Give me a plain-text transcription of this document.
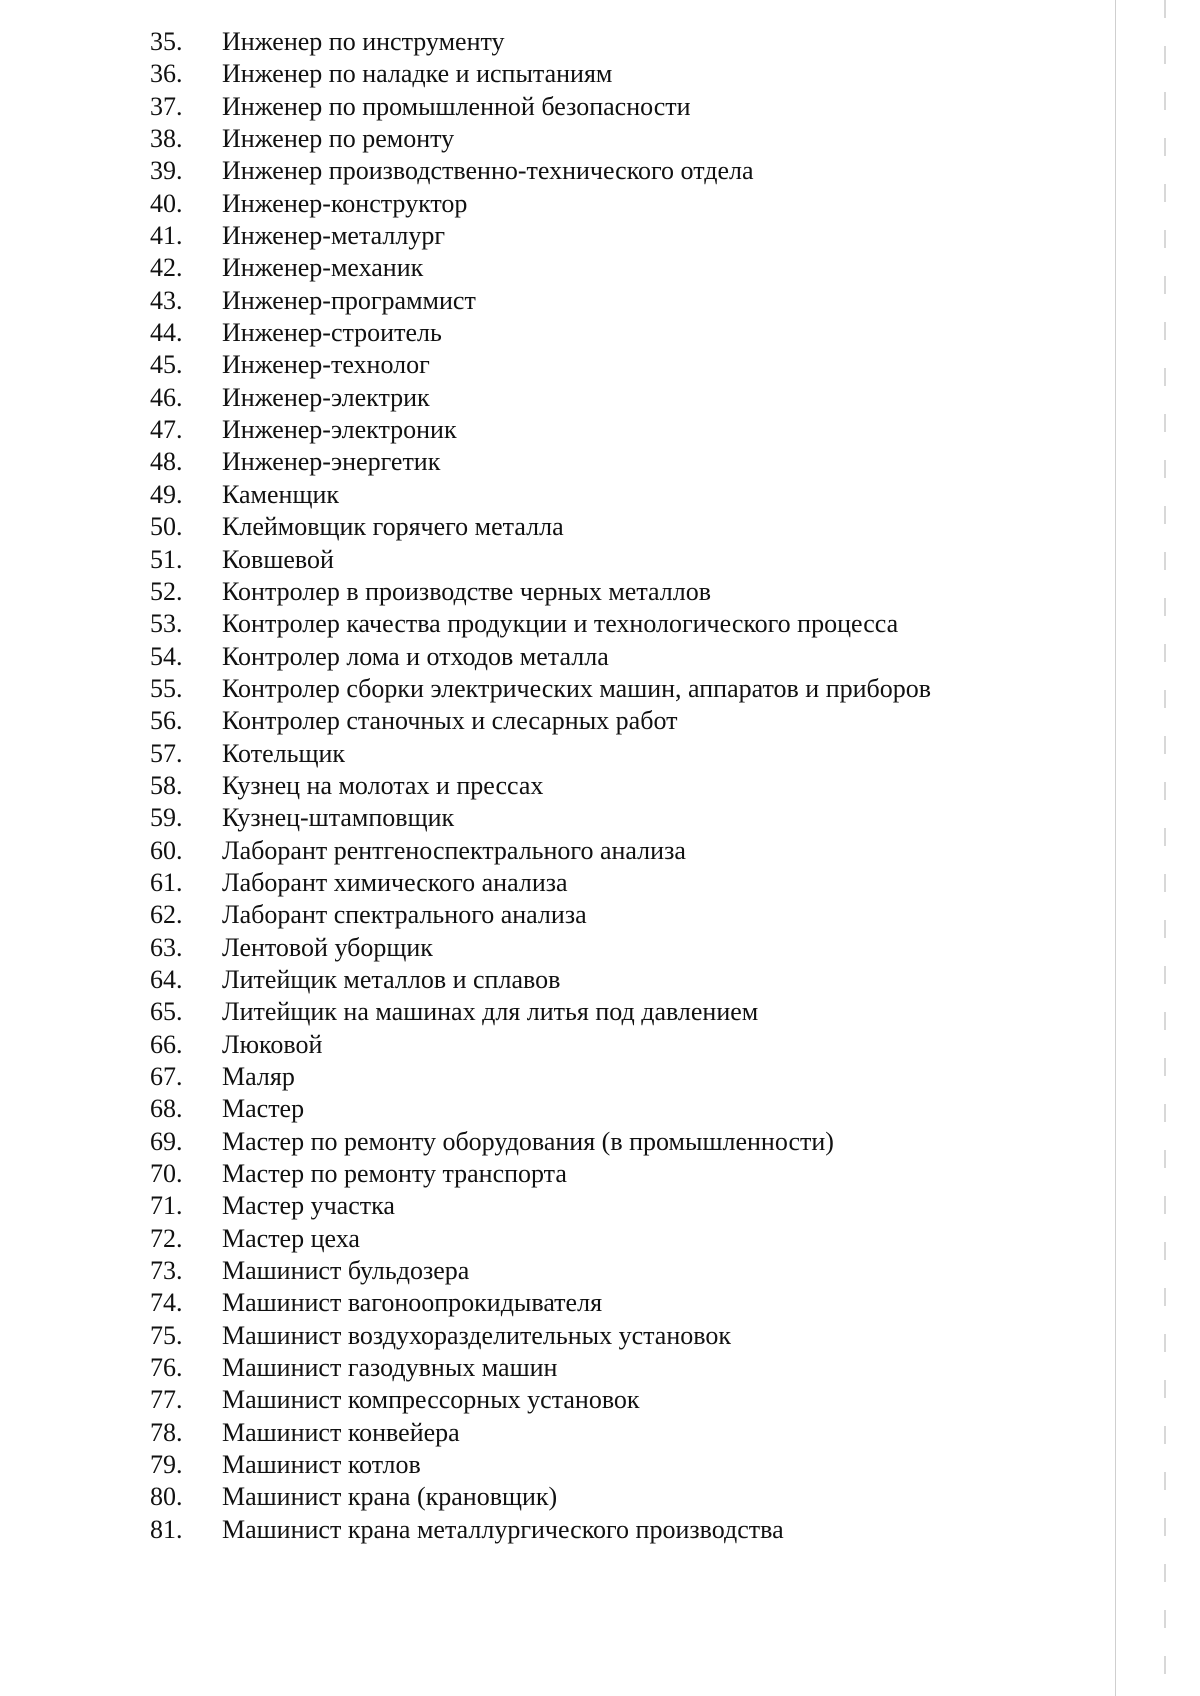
35.	Инженер по инструменту
36.	Инженер по наладке и испытаниям
37.	Инженер по промышленной безопасности
38.	Инженер по ремонту
39.	Инженер производственно-технического отдела
40.	Инженер-конструктор
41.	Инженер-металлург
42.	Инженер-механик
43.	Инженер-программист
44.	Инженер-строитель
45.	Инженер-технолог
46.	Инженер-электрик
47.	Инженер-электроник
48.	Инженер-энергетик
49.	Каменщик
50.	Клеймовщик горячего металла
51.	Ковшевой
52.	Контролер в производстве черных металлов
53.	Контролер качества продукции и технологического процесса
54.	Контролер лома и отходов металла
55.	Контролер сборки электрических машин, аппаратов и приборов
56.	Контролер станочных и слесарных работ
57.	Котельщик
58.	Кузнец на молотах и прессах
59.	Кузнец-штамповщик
60.	Лаборант рентгеноспектрального анализа
61.	Лаборант химического анализа
62.	Лаборант спектрального анализа
63.	Лентовой уборщик
64.	Литейщик металлов и сплавов
65.	Литейщик на машинах для литья под давлением
66.	Люковой
67.	Маляр
68.	Мастер
69.	Мастер по ремонту оборудования (в промышленности)
70.	Мастер по ремонту транспорта
71.	Мастер участка
72.	Мастер цеха
73.	Машинист бульдозера
74.	Машинист вагоноопрокидывателя
75.	Машинист воздухоразделительных установок
76.	Машинист газодувных машин
77.	Машинист компрессорных установок
78.	Машинист конвейера
79.	Машинист котлов
80.	Машинист крана (крановщик)
81.	Машинист крана металлургического производства
